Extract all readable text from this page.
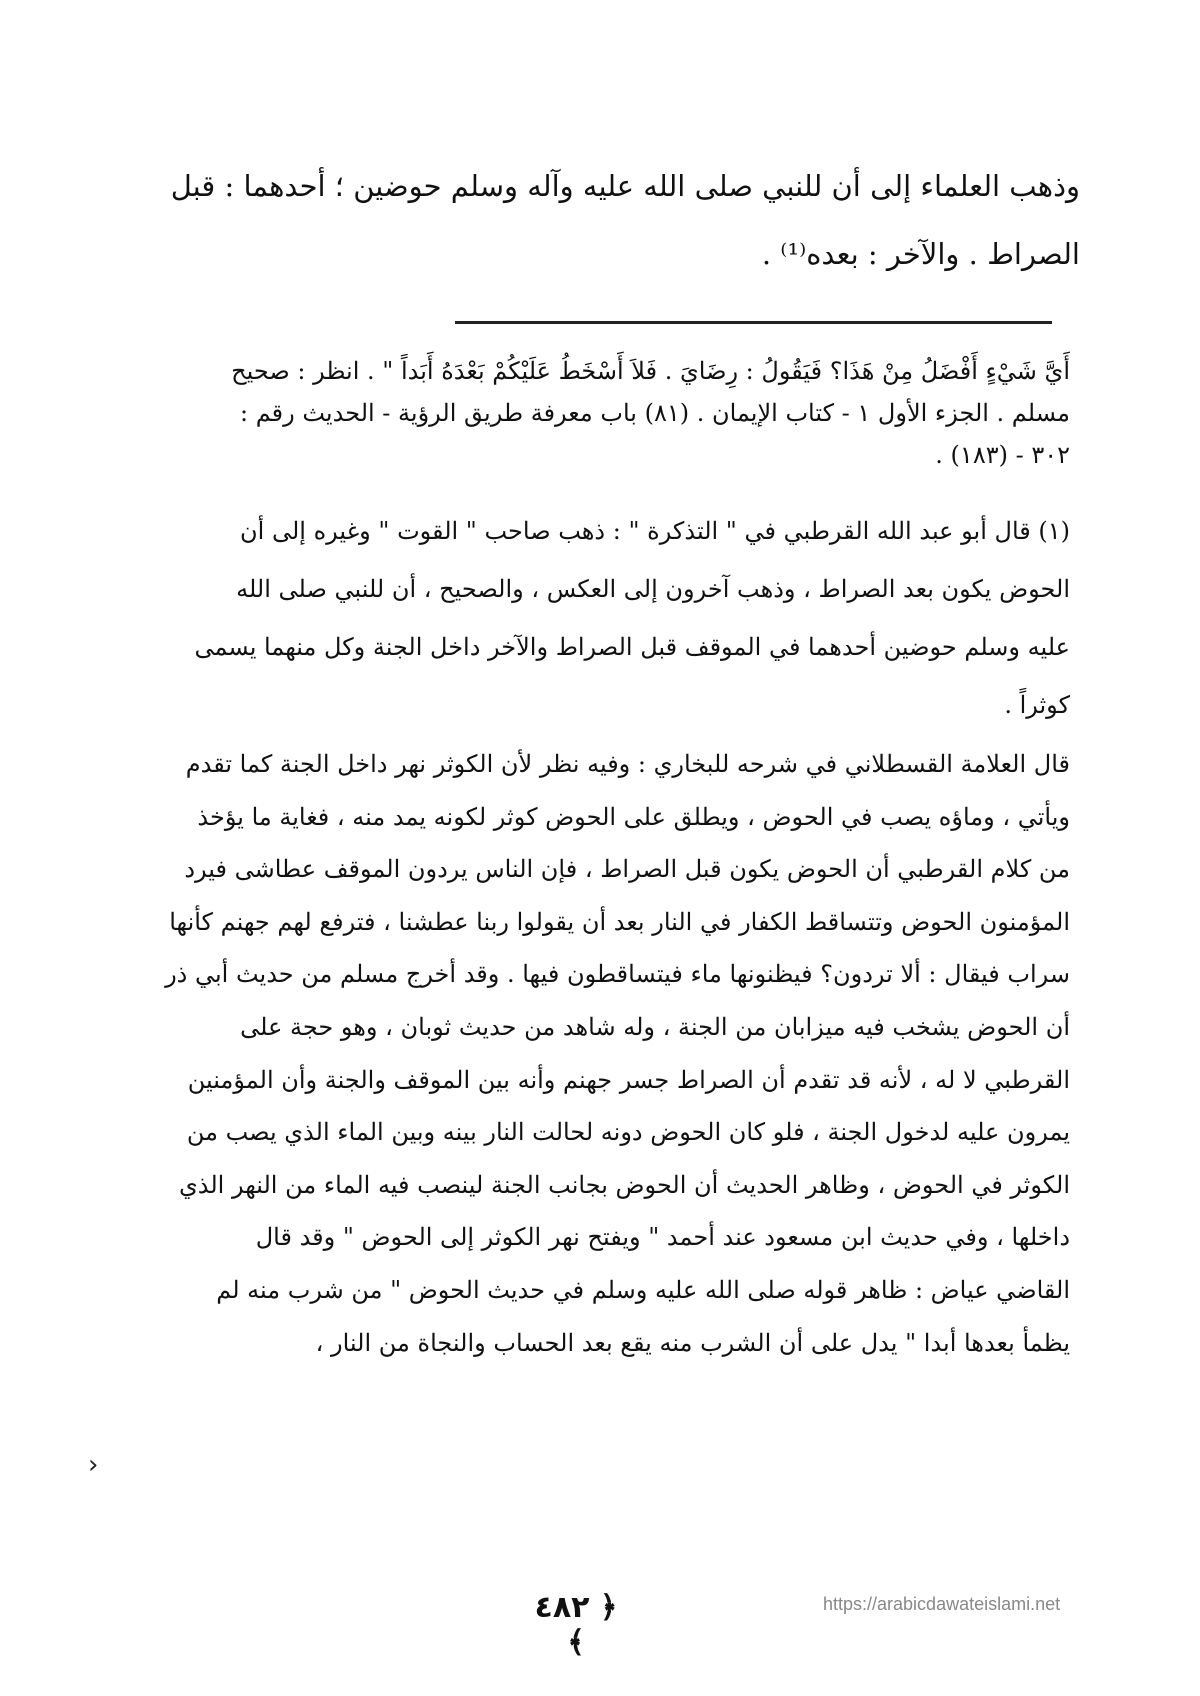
وذهب العلماء إلى أن للنبي صلى الله عليه وآله وسلم حوضين ؛ أحدهما : قبل
الصراط . والآخر : بعده⁽¹⁾ .
أَيَّ شَيْءٍ أَفْضَلُ مِنْ هَذَا؟ فَيَقُولُ : رِضَايَ . فَلاَ أَسْخَطُ عَلَيْكُمْ بَعْدَهُ أَبَداً " . انظر : صحيح
مسلم . الجزء الأول ١ - كتاب الإيمان . (٨١) باب معرفة طريق الرؤية - الحديث رقم :
٣٠٢ - (١٨٣) .
(١) قال أبو عبد الله القرطبي في " التذكرة " : ذهب صاحب " القوت " وغيره إلى أن
الحوض يكون بعد الصراط ، وذهب آخرون إلى العكس ، والصحيح ، أن للنبي صلى الله
عليه وسلم حوضين أحدهما في الموقف قبل الصراط والآخر داخل الجنة وكل منهما يسمى
كوثراً .
قال العلامة القسطلاني في شرحه للبخاري : وفيه نظر لأن الكوثر نهر داخل الجنة كما تقدم
ويأتي ، وماؤه يصب في الحوض ، ويطلق على الحوض كوثر لكونه يمد منه ، فغاية ما يؤخذ
من كلام القرطبي أن الحوض يكون قبل الصراط ، فإن الناس يردون الموقف عطاشى فيرد
المؤمنون الحوض وتتساقط الكفار في النار بعد أن يقولوا ربنا عطشنا ، فترفع لهم جهنم كأنها
سراب فيقال : ألا تردون؟ فيظنونها ماء فيتساقطون فيها . وقد أخرج مسلم من حديث أبي ذر
أن الحوض يشخب فيه ميزابان من الجنة ، وله شاهد من حديث ثوبان ، وهو حجة على
القرطبي لا له ، لأنه قد تقدم أن الصراط جسر جهنم وأنه بين الموقف والجنة وأن المؤمنين
يمرون عليه لدخول الجنة ، فلو كان الحوض دونه لحالت النار بينه وبين الماء الذي يصب من
الكوثر في الحوض ، وظاهر الحديث أن الحوض بجانب الجنة لينصب فيه الماء من النهر الذي
داخلها ، وفي حديث ابن مسعود عند أحمد " ويفتح نهر الكوثر إلى الحوض " وقد قال
القاضي عياض : ظاهر قوله صلى الله عليه وسلم في حديث الحوض " من شرب منه لم
يظمأ بعدها أبدا " يدل على أن الشرب منه يقع بعد الحساب والنجاة من النار ،
›
﴿ ٤٨٢ ﴾
https://arabicdawateislami.net
